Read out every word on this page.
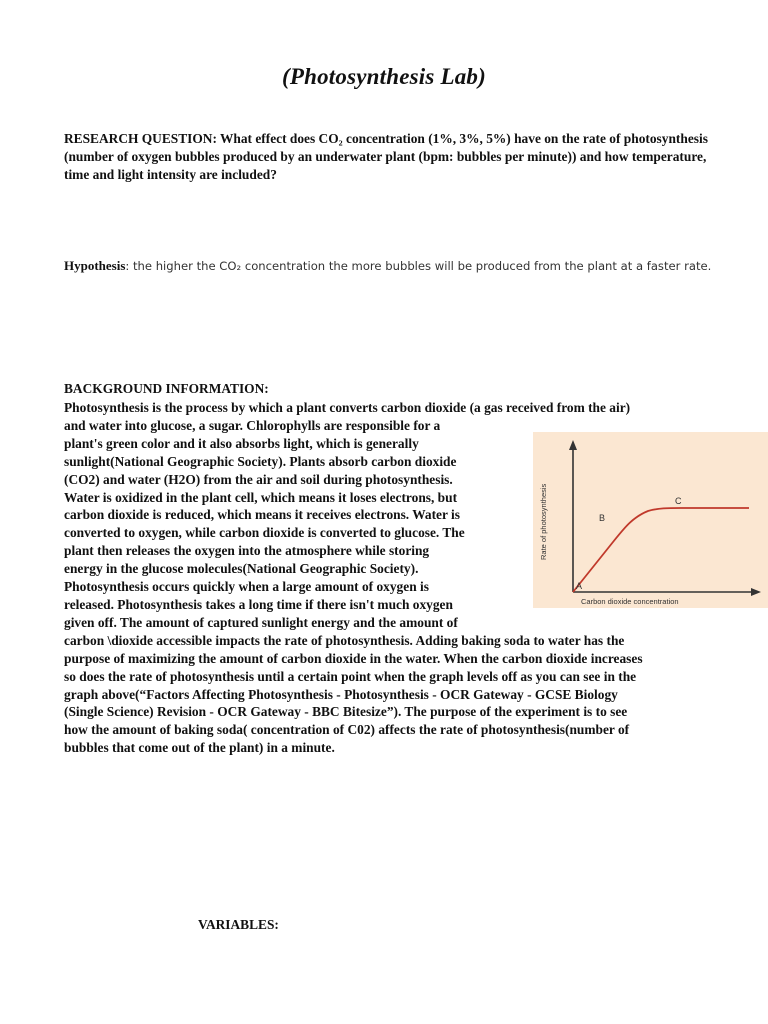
(Photosynthesis Lab)
RESEARCH QUESTION: What effect does CO₂ concentration (1%, 3%, 5%) have on the rate of photosynthesis (number of oxygen bubbles produced by an underwater plant (bpm: bubbles per minute)) and how temperature, time and light intensity are included?
Hypothesis: the higher the CO₂ concentration the more bubbles will be produced from the plant at a faster rate.
BACKGROUND INFORMATION:
Photosynthesis is the process by which a plant converts carbon dioxide (a gas received from the air)
and water into glucose, a sugar. Chlorophylls are responsible for a
plant's green color and it also absorbs light, which is generally
sunlight(National Geographic Society). Plants absorb carbon dioxide
(CO2) and water (H2O) from the air and soil during photosynthesis.
Water is oxidized in the plant cell, which means it loses electrons, but
carbon dioxide is reduced, which means it receives electrons. Water is
converted to oxygen, while carbon dioxide is converted to glucose. The
plant then releases the oxygen into the atmosphere while storing
energy in the glucose molecules(National Geographic Society).
Photosynthesis occurs quickly when a large amount of oxygen is
released. Photosynthesis takes a long time if there isn't much oxygen
given off. The amount of captured sunlight energy and the amount of
carbon \dioxide accessible impacts the rate of photosynthesis. Adding baking soda to water has the
purpose of maximizing the amount of carbon dioxide in the water. When the carbon dioxide increases
so does the rate of photosynthesis until a certain point when the graph levels off as you can see in the
graph above(“Factors Affecting Photosynthesis - Photosynthesis - OCR Gateway - GCSE Biology
(Single Science) Revision - OCR Gateway - BBC Bitesize”). The purpose of the experiment is to see
how the amount of baking soda( concentration of C02) affects the rate of photosynthesis(number of
bubbles that come out of the plant) in a minute.
A
B
C
Rate of photosynthesis
Carbon dioxide concentration
VARIABLES:
